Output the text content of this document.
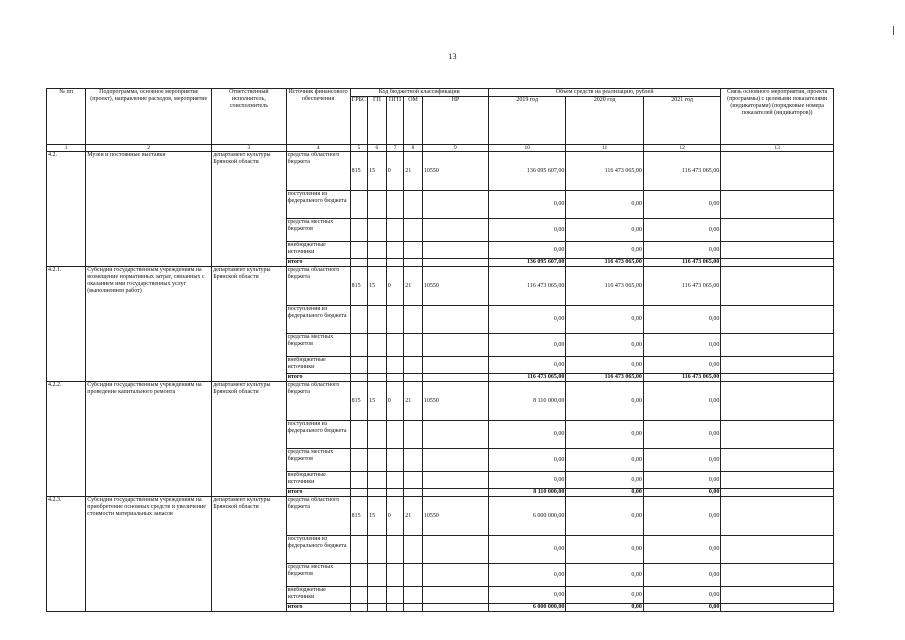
13
№ пп	Подпрограмма, основное мероприятие (проект), направление расходов, мероприятие	Ответственный исполнитель, соисполнитель	Источник финансового обеспечения	Код бюджетной классификации					Объем средств на реализацию, рублей			Связь основного мероприятия, проекта (программы) с целевыми показателями (индикаторами) (порядковые номера показателей (индикаторов))
				ГРБС	ГП	ПГП	ОМ	НР	2019 год	2020 год	2021 год	
1	2	3	4	5	6	7	8	9	10	11	12	13
4.2.	Музеи и постоянные выставки	департамент культуры Брянской области	средства областного бюджета	815	15	0	21	10550	136 095 607,00	116 473 065,00	116 473 065,00	
			поступления из федерального бюджета						0,00	0,00	0,00	
			средства местных бюджетов						0,00	0,00	0,00	
			внебюджетные источники						0,00	0,00	0,00	
			итого						136 095 607,00	116 473 065,00	116 473 065,00	
4.2.1.	Субсидии государственным учреждениям на возмещение нормативных затрат, связанных с оказанием ими государственных услуг (выполнением работ)	департамент культуры Брянской области	средства областного бюджета	815	15	0	21	10550	116 473 065,00	116 473 065,00	116 473 065,00	
			поступления из федерального бюджета						0,00	0,00	0,00	
			средства местных бюджетов						0,00	0,00	0,00	
			внебюджетные источники						0,00	0,00	0,00	
			итого						116 473 065,00	116 473 065,00	116 473 065,00	
4.2.2.	Субсидии государственным учреждениям на проведение капитального ремонта	департамент культуры Брянской области	средства областного бюджета	815	15	0	21	10550	8 110 000,00	0,00	0,00	
			поступления из федерального бюджета						0,00	0,00	0,00	
			средства местных бюджетов						0,00	0,00	0,00	
			внебюджетные источники						0,00	0,00	0,00	
			итого						8 110 000,00	0,00	0,00	
4.2.3.	Субсидии государственным учреждениям на приобретение основных средств и увеличение стоимости материальных запасов	департамент культуры Брянской области	средства областного бюджета	815	15	0	21	10550	6 000 000,00	0,00	0,00	
			поступления из федерального бюджета						0,00	0,00	0,00	
			средства местных бюджетов						0,00	0,00	0,00	
			внебюджетные источники						0,00	0,00	0,00	
			итого						6 000 000,00	0,00	0,00	
